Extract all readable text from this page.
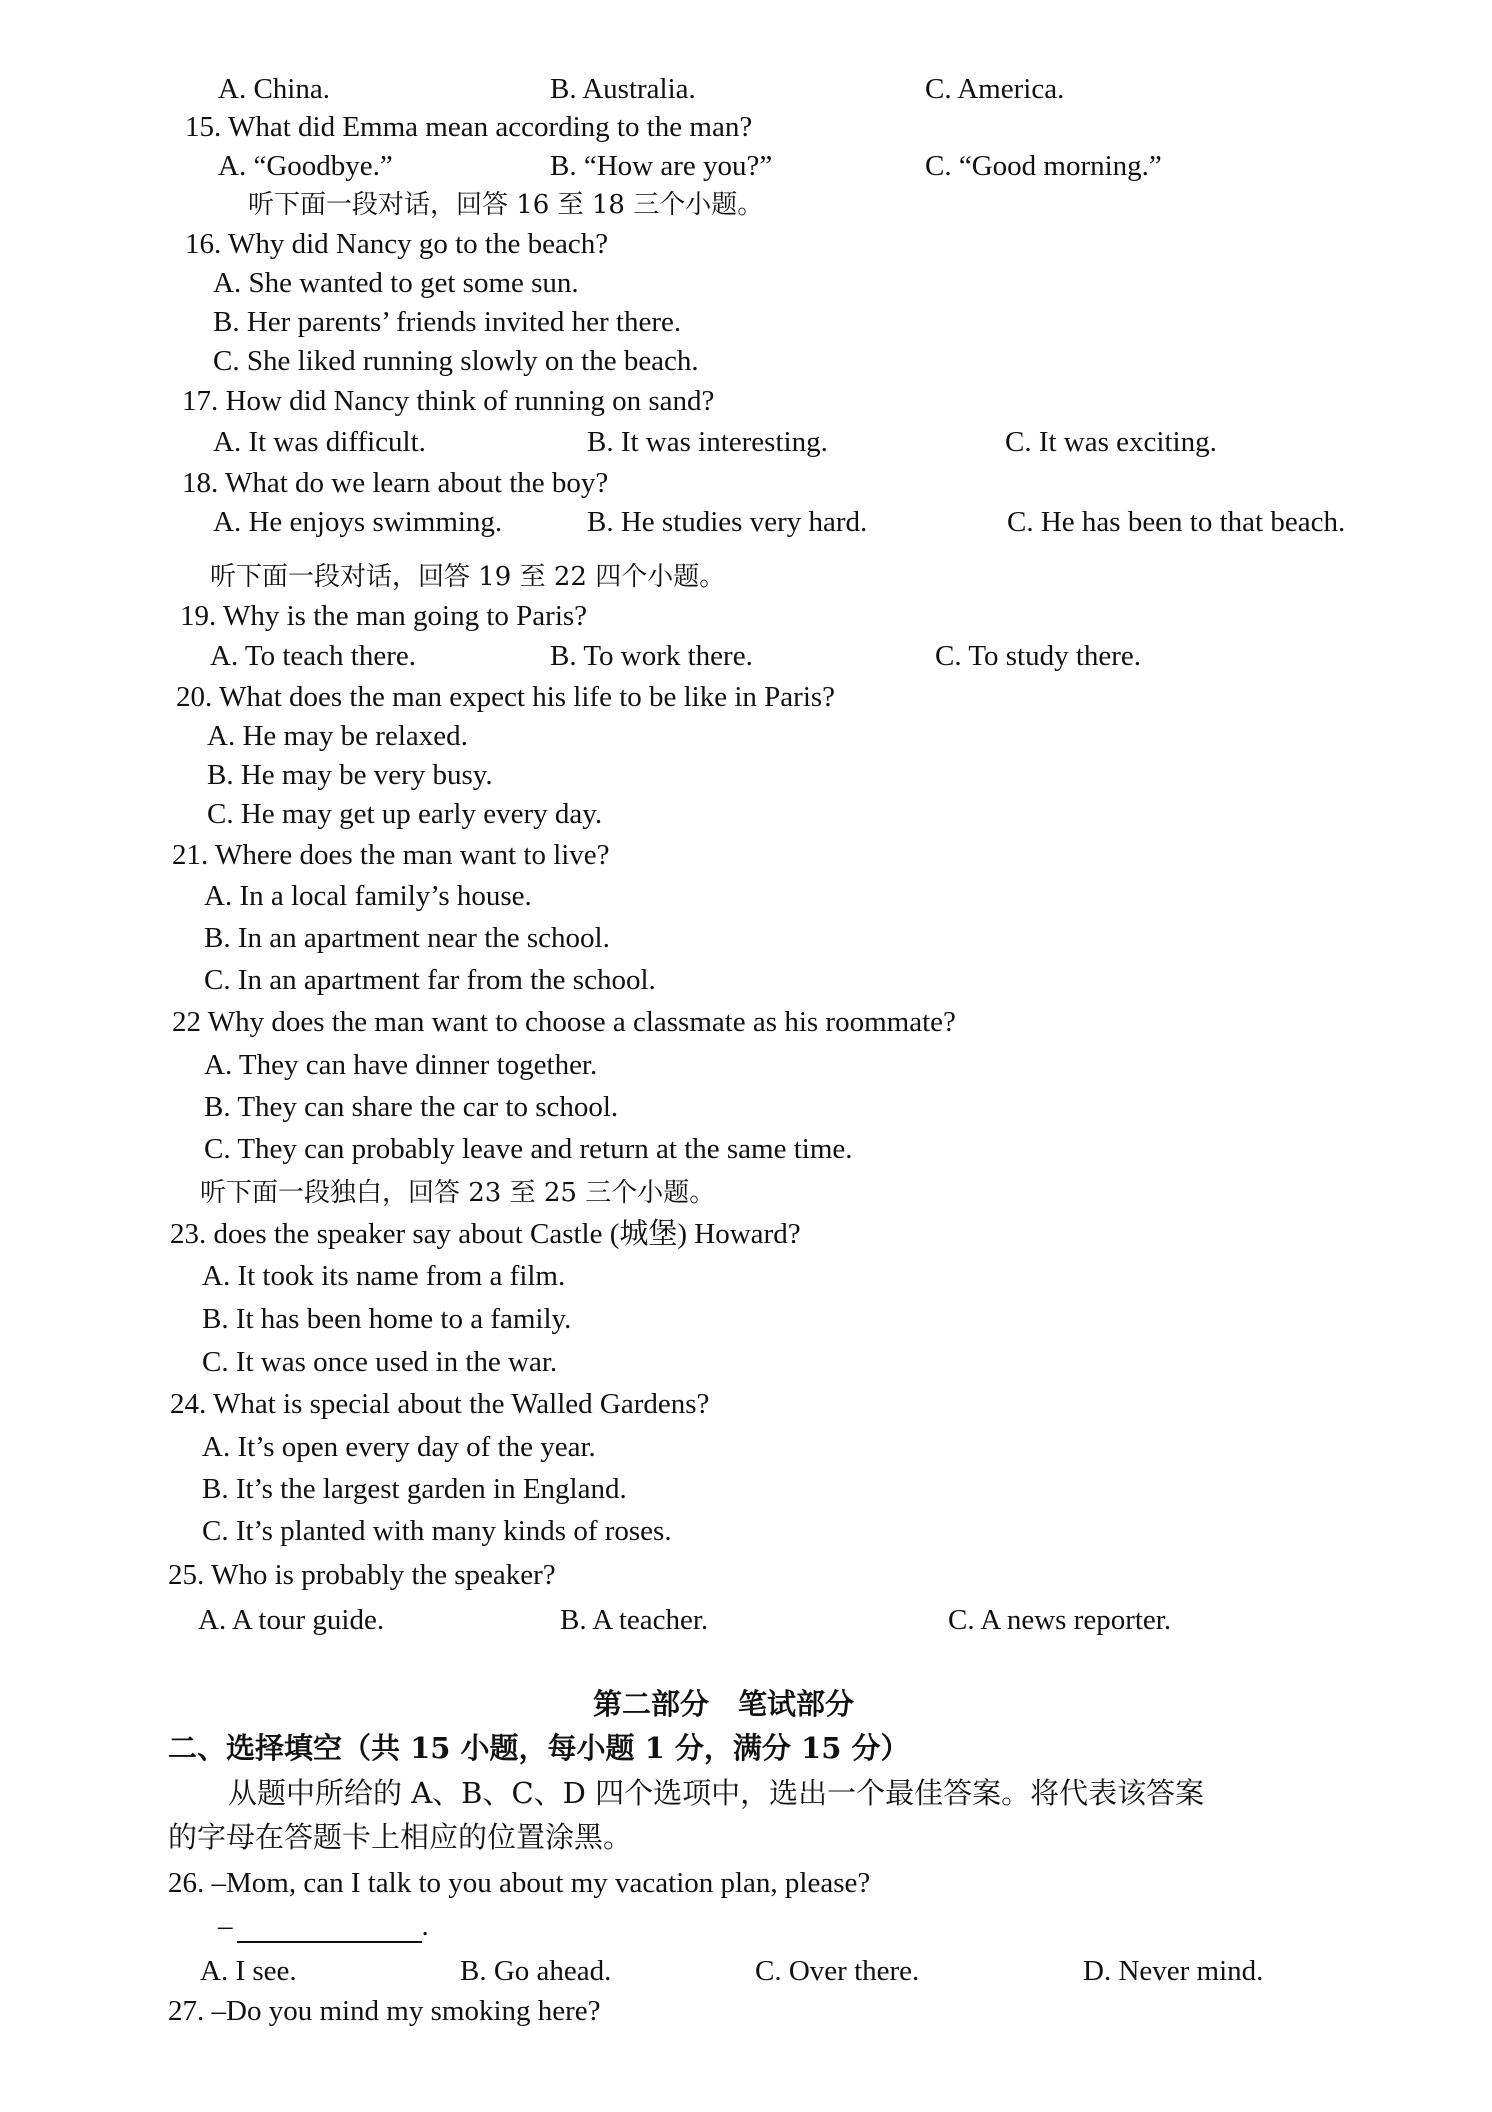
A. China.	B. Australia.	C. America.
15. What did Emma mean according to the man?
A. “Goodbye.”	B. “How are you?”	C. “Good morning.”
听下面一段对话，回答 16 至 18 三个小题。
16. Why did Nancy go to the beach?
A. She wanted to get some sun.
B. Her parents’ friends invited her there.
C. She liked running slowly on the beach.
17. How did Nancy think of running on sand?
A. It was difficult.	B. It was interesting.	C. It was exciting.
18. What do we learn about the boy?
A. He enjoys swimming.	B. He studies very hard.	C. He has been to that beach.
听下面一段对话，回答 19 至 22 四个小题。
19. Why is the man going to Paris?
A. To teach there.	B. To work there.	C. To study there.
20. What does the man expect his life to be like in Paris?
A. He may be relaxed.
B. He may be very busy.
C. He may get up early every day.
21. Where does the man want to live?
A. In a local family’s house.
B. In an apartment near the school.
C. In an apartment far from the school.
22 Why does the man want to choose a classmate as his roommate?
A. They can have dinner together.
B. They can share the car to school.
C. They can probably leave and return at the same time.
听下面一段独白，回答 23 至 25 三个小题。
23. does the speaker say about Castle (城堡) Howard?
A. It took its name from a film.
B. It has been home to a family.
C. It was once used in the war.
24. What is special about the Walled Gardens?
A. It’s open every day of the year.
B. It’s the largest garden in England.
C. It’s planted with many kinds of roses.
25. Who is probably the speaker?
A. A tour guide.	B. A teacher.	C. A news reporter.
第二部分　笔试部分
二、选择填空（共 15 小题，每小题 1 分，满分 15 分）
从题中所给的 A、B、C、D 四个选项中，选出一个最佳答案。将代表该答案
的字母在答题卡上相应的位置涂黑。
26. –Mom, can I talk to you about my vacation plan, please?
–	.
A. I see.	B. Go ahead.	C. Over there.	D. Never mind.
27. –Do you mind my smoking here?
